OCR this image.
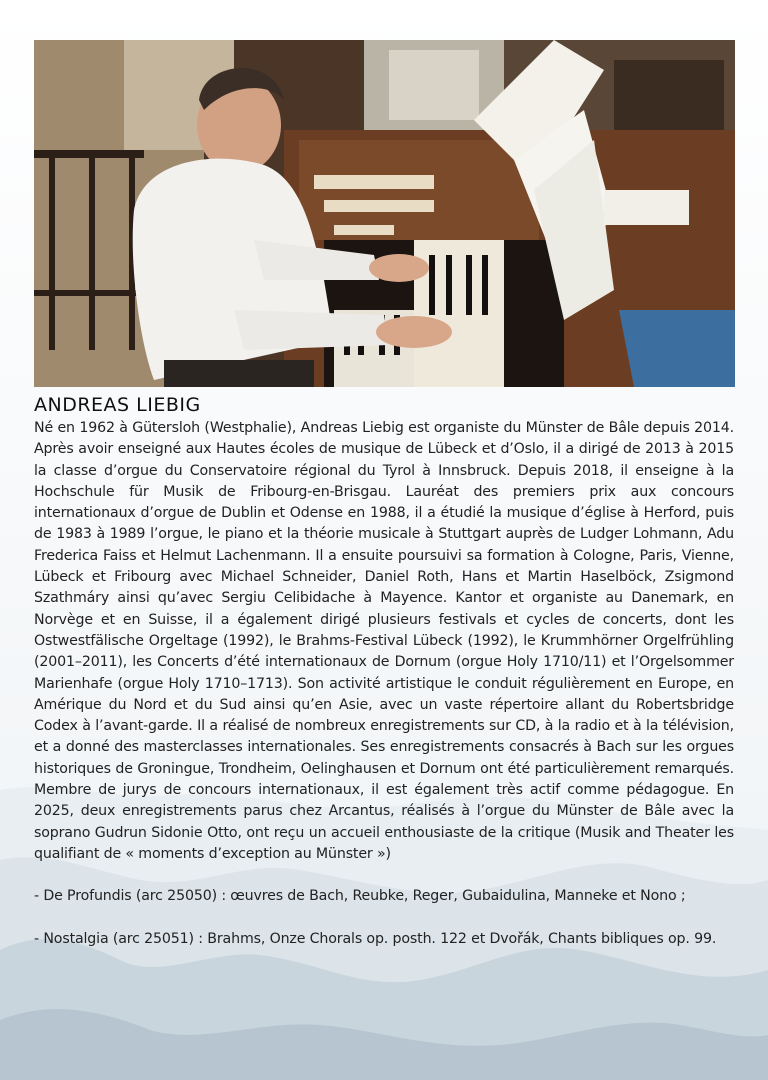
ANDREAS LIEBIG

Né en 1962 à Gütersloh (Westphalie), Andreas Liebig est organiste du Münster de Bâle depuis 2014. Après avoir enseigné aux Hautes écoles de musique de Lübeck et d’Oslo, il a dirigé de 2013 à 2015 la classe d’orgue du Conservatoire régional du Tyrol à Innsbruck. Depuis 2018, il enseigne à la Hochschule für Musik de Fribourg-en-Brisgau. Lauréat des premiers prix aux concours internationaux d’orgue de Dublin et Odense en 1988, il a étudié la musique d’église à Herford, puis de 1983 à 1989 l’orgue, le piano et la théorie musicale à Stuttgart auprès de Ludger Lohmann, Adu Frederica Faiss et Helmut Lachenmann. Il a ensuite poursuivi sa formation à Cologne, Paris, Vienne, Lübeck et Fribourg avec Michael Schneider, Daniel Roth, Hans et Martin Haselböck, Zsigmond Szathmáry ainsi qu’avec Sergiu Celibidache à Mayence. Kantor et organiste au Danemark, en Norvège et en Suisse, il a également dirigé plusieurs festivals et cycles de concerts, dont les Ostwestfälische Orgeltage (1992), le Brahms-Festival Lübeck (1992), le Krummhörner Orgelfrühling (2001–2011), les Concerts d’été internationaux de Dornum (orgue Holy 1710/11) et l’Orgelsommer Marienhafe (orgue Holy 1710–1713). Son activité artistique le conduit régulièrement en Europe, en Amérique du Nord et du Sud ainsi qu’en Asie, avec un vaste répertoire allant du Robertsbridge Codex à l’avant-garde. Il a réalisé de nombreux enregistrements sur CD, à la radio et à la télévision, et a donné des masterclasses internationales. Ses enregistrements consacrés à Bach sur les orgues historiques de Groningue, Trondheim, Oelinghausen et Dornum ont été particulièrement remarqués. Membre de jurys de concours internationaux, il est également très actif comme pédagogue. En 2025, deux enregistrements parus chez Arcantus, réalisés à l’orgue du Münster de Bâle avec la soprano Gudrun Sidonie Otto, ont reçu un accueil enthousiaste de la critique (Musik and Theater les qualifiant de « moments d’exception au Münster »)

- De Profundis (arc 25050) : œuvres de Bach, Reubke, Reger, Gubaidulina, Manneke et Nono ;

- Nostalgia (arc 25051) : Brahms, Onze Chorals op. posth. 122 et Dvořák, Chants bibliques op. 99.
